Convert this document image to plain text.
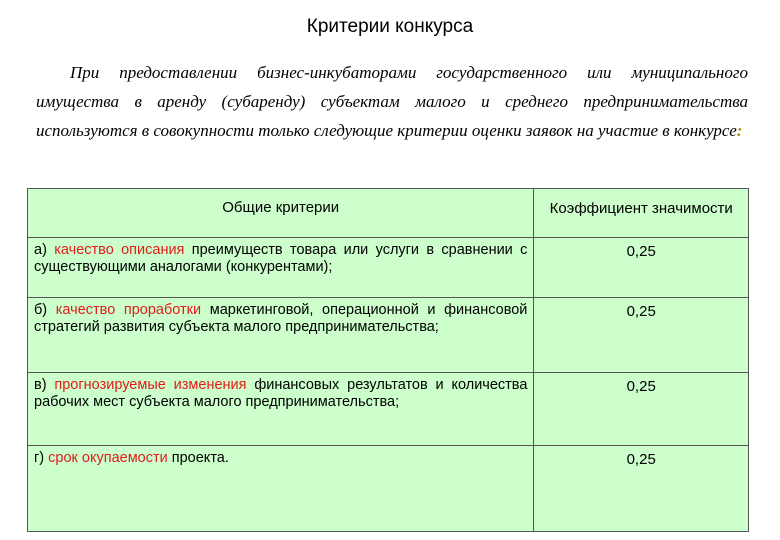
Критерии конкурса
При предоставлении бизнес-инкубаторами государственного или муниципального имущества в аренду (субаренду) субъектам малого и среднего предпринимательства используются в совокупности только следующие критерии оценки заявок на участие в конкурсе:
Общие критерии	Коэффициент значимости
а) качество описания преимуществ товара или услуги в сравнении с существующими аналогами (конкурентами);	0,25
б) качество проработки маркетинговой, операционной и финансовой стратегий развития субъекта малого предпринимательства;	0,25
в) прогнозируемые изменения финансовых результатов и количества рабочих мест субъекта малого предпринимательства;	0,25
г) срок окупаемости проекта.	0,25
